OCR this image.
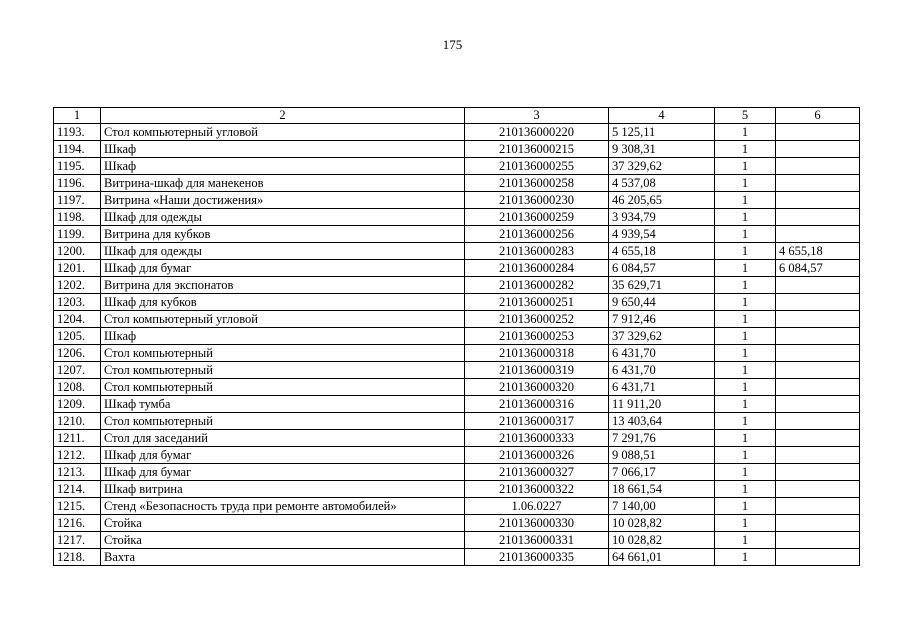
175
1	2	3	4	5	6
1193.	Стол компьютерный угловой	210136000220	5 125,11	1	
1194.	Шкаф	210136000215	9 308,31	1	
1195.	Шкаф	210136000255	37 329,62	1	
1196.	Витрина-шкаф для манекенов	210136000258	4 537,08	1	
1197.	Витрина «Наши достижения»	210136000230	46 205,65	1	
1198.	Шкаф для одежды	210136000259	3 934,79	1	
1199.	Витрина для кубков	210136000256	4 939,54	1	
1200.	Шкаф для одежды	210136000283	4 655,18	1	4 655,18
1201.	Шкаф для бумаг	210136000284	6 084,57	1	6 084,57
1202.	Витрина для экспонатов	210136000282	35 629,71	1	
1203.	Шкаф для кубков	210136000251	9 650,44	1	
1204.	Стол компьютерный угловой	210136000252	7 912,46	1	
1205.	Шкаф	210136000253	37 329,62	1	
1206.	Стол компьютерный	210136000318	6 431,70	1	
1207.	Стол компьютерный	210136000319	6 431,70	1	
1208.	Стол компьютерный	210136000320	6 431,71	1	
1209.	Шкаф тумба	210136000316	11 911,20	1	
1210.	Стол компьютерный	210136000317	13 403,64	1	
1211.	Стол для заседаний	210136000333	7 291,76	1	
1212.	Шкаф для бумаг	210136000326	9 088,51	1	
1213.	Шкаф для бумаг	210136000327	7 066,17	1	
1214.	Шкаф витрина	210136000322	18 661,54	1	
1215.	Стенд «Безопасность труда при ремонте автомобилей»	1.06.0227	7 140,00	1	
1216.	Стойка	210136000330	10 028,82	1	
1217.	Стойка	210136000331	10 028,82	1	
1218.	Вахта	210136000335	64 661,01	1	
